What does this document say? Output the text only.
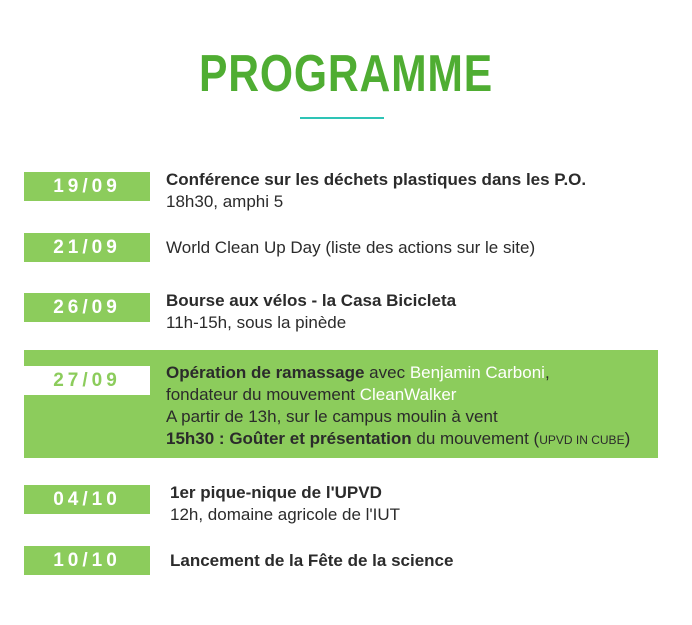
PROGRAMME
19/09	Conférence sur les déchets plastiques dans les P.O.
18h30, amphi 5
21/09	World Clean Up Day (liste des actions sur le site)
26/09	Bourse aux vélos - la Casa Bicicleta
11h-15h, sous la pinède
27/09	Opération de ramassage avec Benjamin Carboni,
fondateur du mouvement CleanWalker
A partir de 13h, sur le campus moulin à vent
15h30 : Goûter et présentation du mouvement (UPVD IN CUBE)
04/10	1er pique-nique de l'UPVD
12h, domaine agricole de l'IUT
10/10	Lancement de la Fête de la science
